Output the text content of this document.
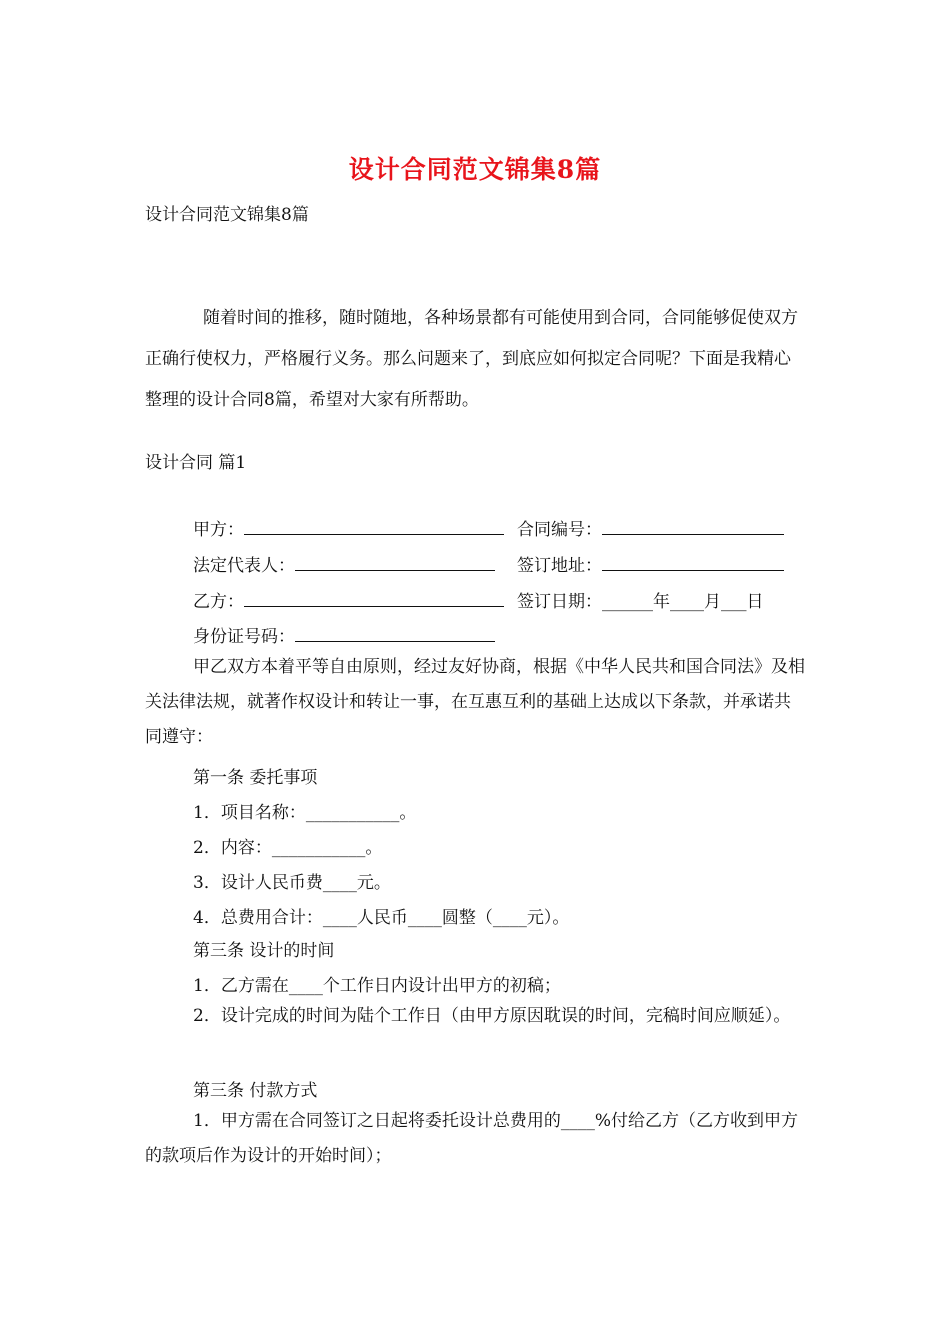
设计合同范文锦集8篇
设计合同范文锦集8篇
随着时间的推移，随时随地，各种场景都有可能使用到合同，合同能够促使双方正确行使权力，严格履行义务。那么问题来了，到底应如何拟定合同呢？下面是我精心整理的设计合同8篇，希望对大家有所帮助。
设计合同 篇1
甲方：	合同编号：
法定代表人：	签订地址：
乙方：	签订日期：______年____月___日
身份证号码：
甲乙双方本着平等自由原则，经过友好协商，根据《中华人民共和国合同法》及相关法律法规，就著作权设计和转让一事，在互惠互利的基础上达成以下条款，并承诺共同遵守：
第一条 委托事项
1．项目名称：___________。
2．内容：___________。
3．设计人民币费____元。
4．总费用合计：____人民币____圆整（____元）。
第三条 设计的时间
1．乙方需在____个工作日内设计出甲方的初稿；
2．设计完成的时间为陆个工作日（由甲方原因耽误的时间，完稿时间应顺延）。
第三条 付款方式
1．甲方需在合同签订之日起将委托设计总费用的____%付给乙方（乙方收到甲方的款项后作为设计的开始时间）；
